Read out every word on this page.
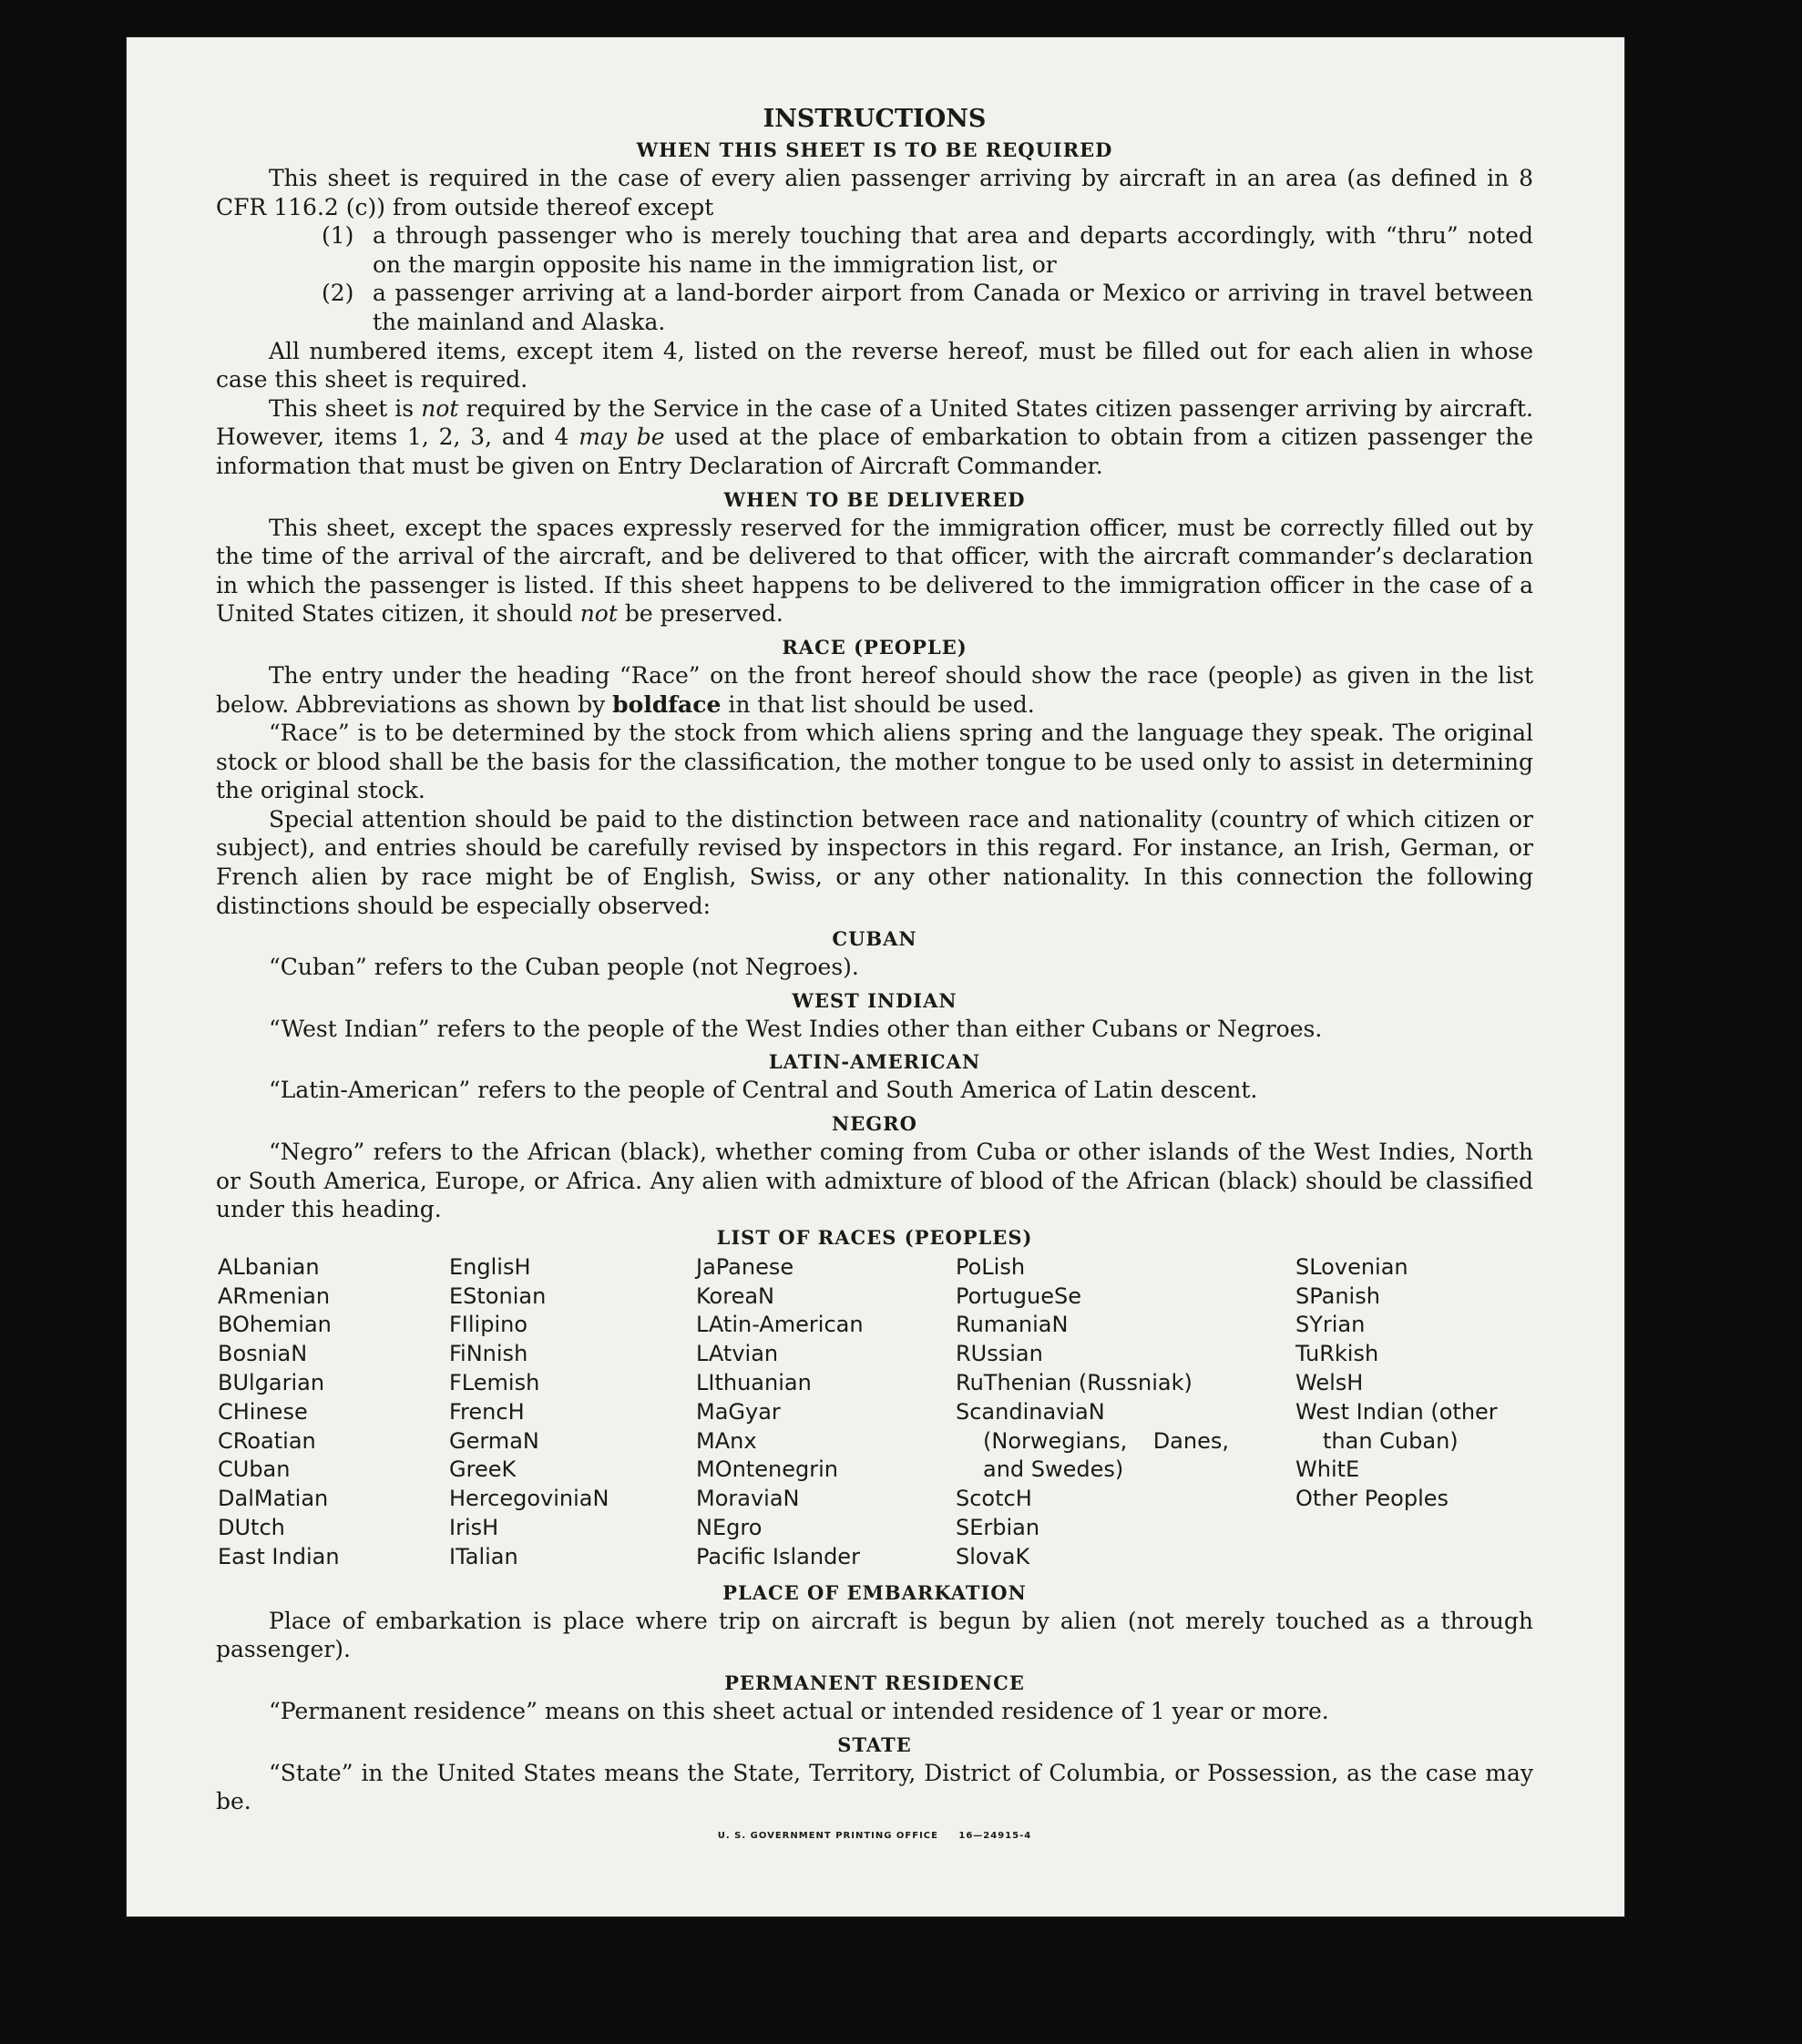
INSTRUCTIONS
WHEN THIS SHEET IS TO BE REQUIRED

This sheet is required in the case of every alien passenger arriving by aircraft in an area (as defined in 8 CFR 116.2 (c)) from outside thereof except

(1) a through passenger who is merely touching that area and departs accordingly, with “thru” noted on the margin opposite his name in the immigration list, or
(2) a passenger arriving at a land-border airport from Canada or Mexico or arriving in travel between the mainland and Alaska.

All numbered items, except item 4, listed on the reverse hereof, must be filled out for each alien in whose case this sheet is required.

This sheet is not required by the Service in the case of a United States citizen passenger arriving by aircraft. However, items 1, 2, 3, and 4 may be used at the place of embarkation to obtain from a citizen passenger the information that must be given on Entry Declaration of Aircraft Commander.

WHEN TO BE DELIVERED

This sheet, except the spaces expressly reserved for the immigration officer, must be correctly filled out by the time of the arrival of the aircraft, and be delivered to that officer, with the aircraft commander’s declaration in which the passenger is listed. If this sheet happens to be delivered to the immigration officer in the case of a United States citizen, it should not be preserved.

RACE (PEOPLE)

The entry under the heading “Race” on the front hereof should show the race (people) as given in the list below. Abbreviations as shown by boldface in that list should be used.

“Race” is to be determined by the stock from which aliens spring and the language they speak. The original stock or blood shall be the basis for the classification, the mother tongue to be used only to assist in determining the original stock.

Special attention should be paid to the distinction between race and nationality (country of which citizen or subject), and entries should be carefully revised by inspectors in this regard. For instance, an Irish, German, or French alien by race might be of English, Swiss, or any other nationality. In this connection the following distinctions should be especially observed:

CUBAN

“Cuban” refers to the Cuban people (not Negroes).

WEST INDIAN

“West Indian” refers to the people of the West Indies other than either Cubans or Negroes.

LATIN-AMERICAN

“Latin-American” refers to the people of Central and South America of Latin descent.

NEGRO

“Negro” refers to the African (black), whether coming from Cuba or other islands of the West Indies, North or South America, Europe, or Africa. Any alien with admixture of blood of the African (black) should be classified under this heading.

LIST OF RACES (PEOPLES)
ALbanian
ARmenian
BOhemian
BosniaN
BUlgarian
CHinese
CRoatian
CUban
DalMatian
DUtch
East Indian
EnglisH
EStonian
FIlipino
FiNnish
FLemish
FrencH
GermaN
GreeK
HercegoviniaN
IrisH
ITalian
JaPanese
KoreaN
LAtin-American
LAtvian
LIthuanian
MaGyar
MAnx
MOntenegrin
MoraviaN
NEgro
Pacific Islander
PoLish
PortugueSe
RumaniaN
RUssian
RuThenian (Russniak)
ScandinaviaN (Norwegians, Danes, and Swedes)
ScotcH
SErbian
SlovaK
SLovenian
SPanish
SYrian
TuRkish
WelsH
West Indian (other than Cuban)
WhitE
Other Peoples
PLACE OF EMBARKATION

Place of embarkation is place where trip on aircraft is begun by alien (not merely touched as a through passenger).

PERMANENT RESIDENCE

“Permanent residence” means on this sheet actual or intended residence of 1 year or more.

STATE

“State” in the United States means the State, Territory, District of Columbia, or Possession, as the case may be.

U. S. GOVERNMENT PRINTING OFFICE     16—24915-4
